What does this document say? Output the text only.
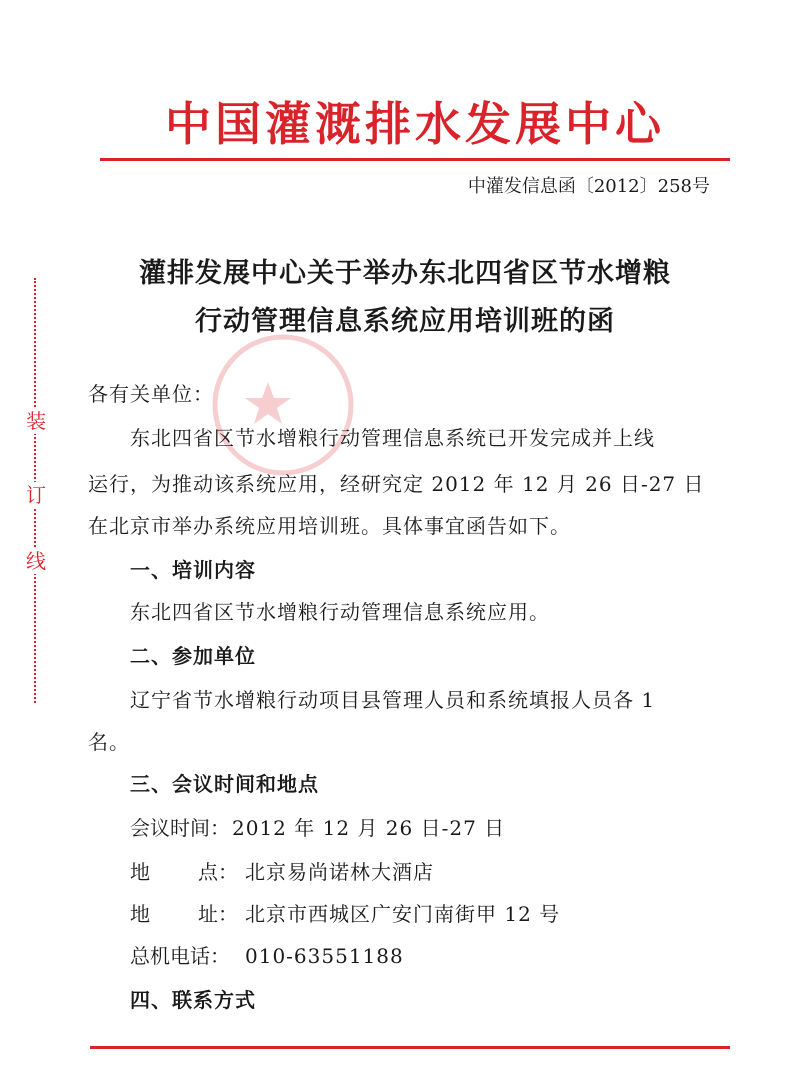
中国灌溉排水发展中心
中灌发信息函〔2012〕258号
灌排发展中心关于举办东北四省区节水增粮
行动管理信息系统应用培训班的函
装
订
线
各有关单位：
东北四省区节水增粮行动管理信息系统已开发完成并上线
运行，为推动该系统应用，经研究定 2012 年 12 月 26 日-27 日
在北京市举办系统应用培训班。具体事宜函告如下。
一、培训内容
东北四省区节水增粮行动管理信息系统应用。
二、参加单位
辽宁省节水增粮行动项目县管理人员和系统填报人员各 1
名。
三、会议时间和地点
会议时间： 2012 年 12 月 26 日-27 日
地 点： 北京易尚诺林大酒店
地 址： 北京市西城区广安门南街甲 12 号
总机电话： 010-63551188
四、联系方式
